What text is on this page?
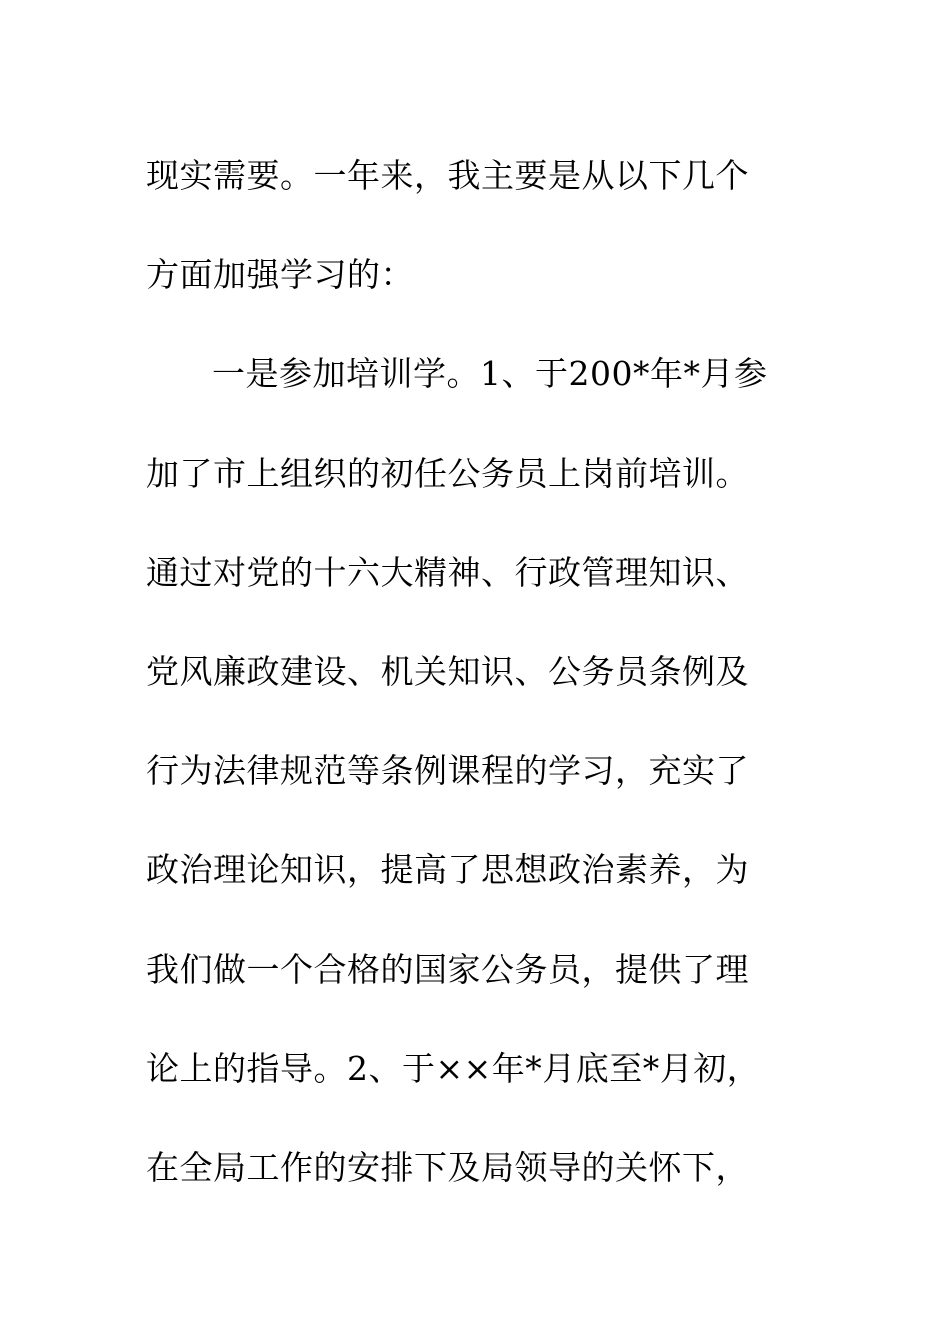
现实需要。一年来，我主要是从以下几个
方面加强学习的：
一是参加培训学。1、于200*年*月参
加了市上组织的初任公务员上岗前培训。
通过对党的十六大精神、行政管理知识、
党风廉政建设、机关知识、公务员条例及
行为法律规范等条例课程的学习，充实了
政治理论知识，提高了思想政治素养，为
我们做一个合格的国家公务员，提供了理
论上的指导。2、于××年*月底至*月初，
在全局工作的安排下及局领导的关怀下，
